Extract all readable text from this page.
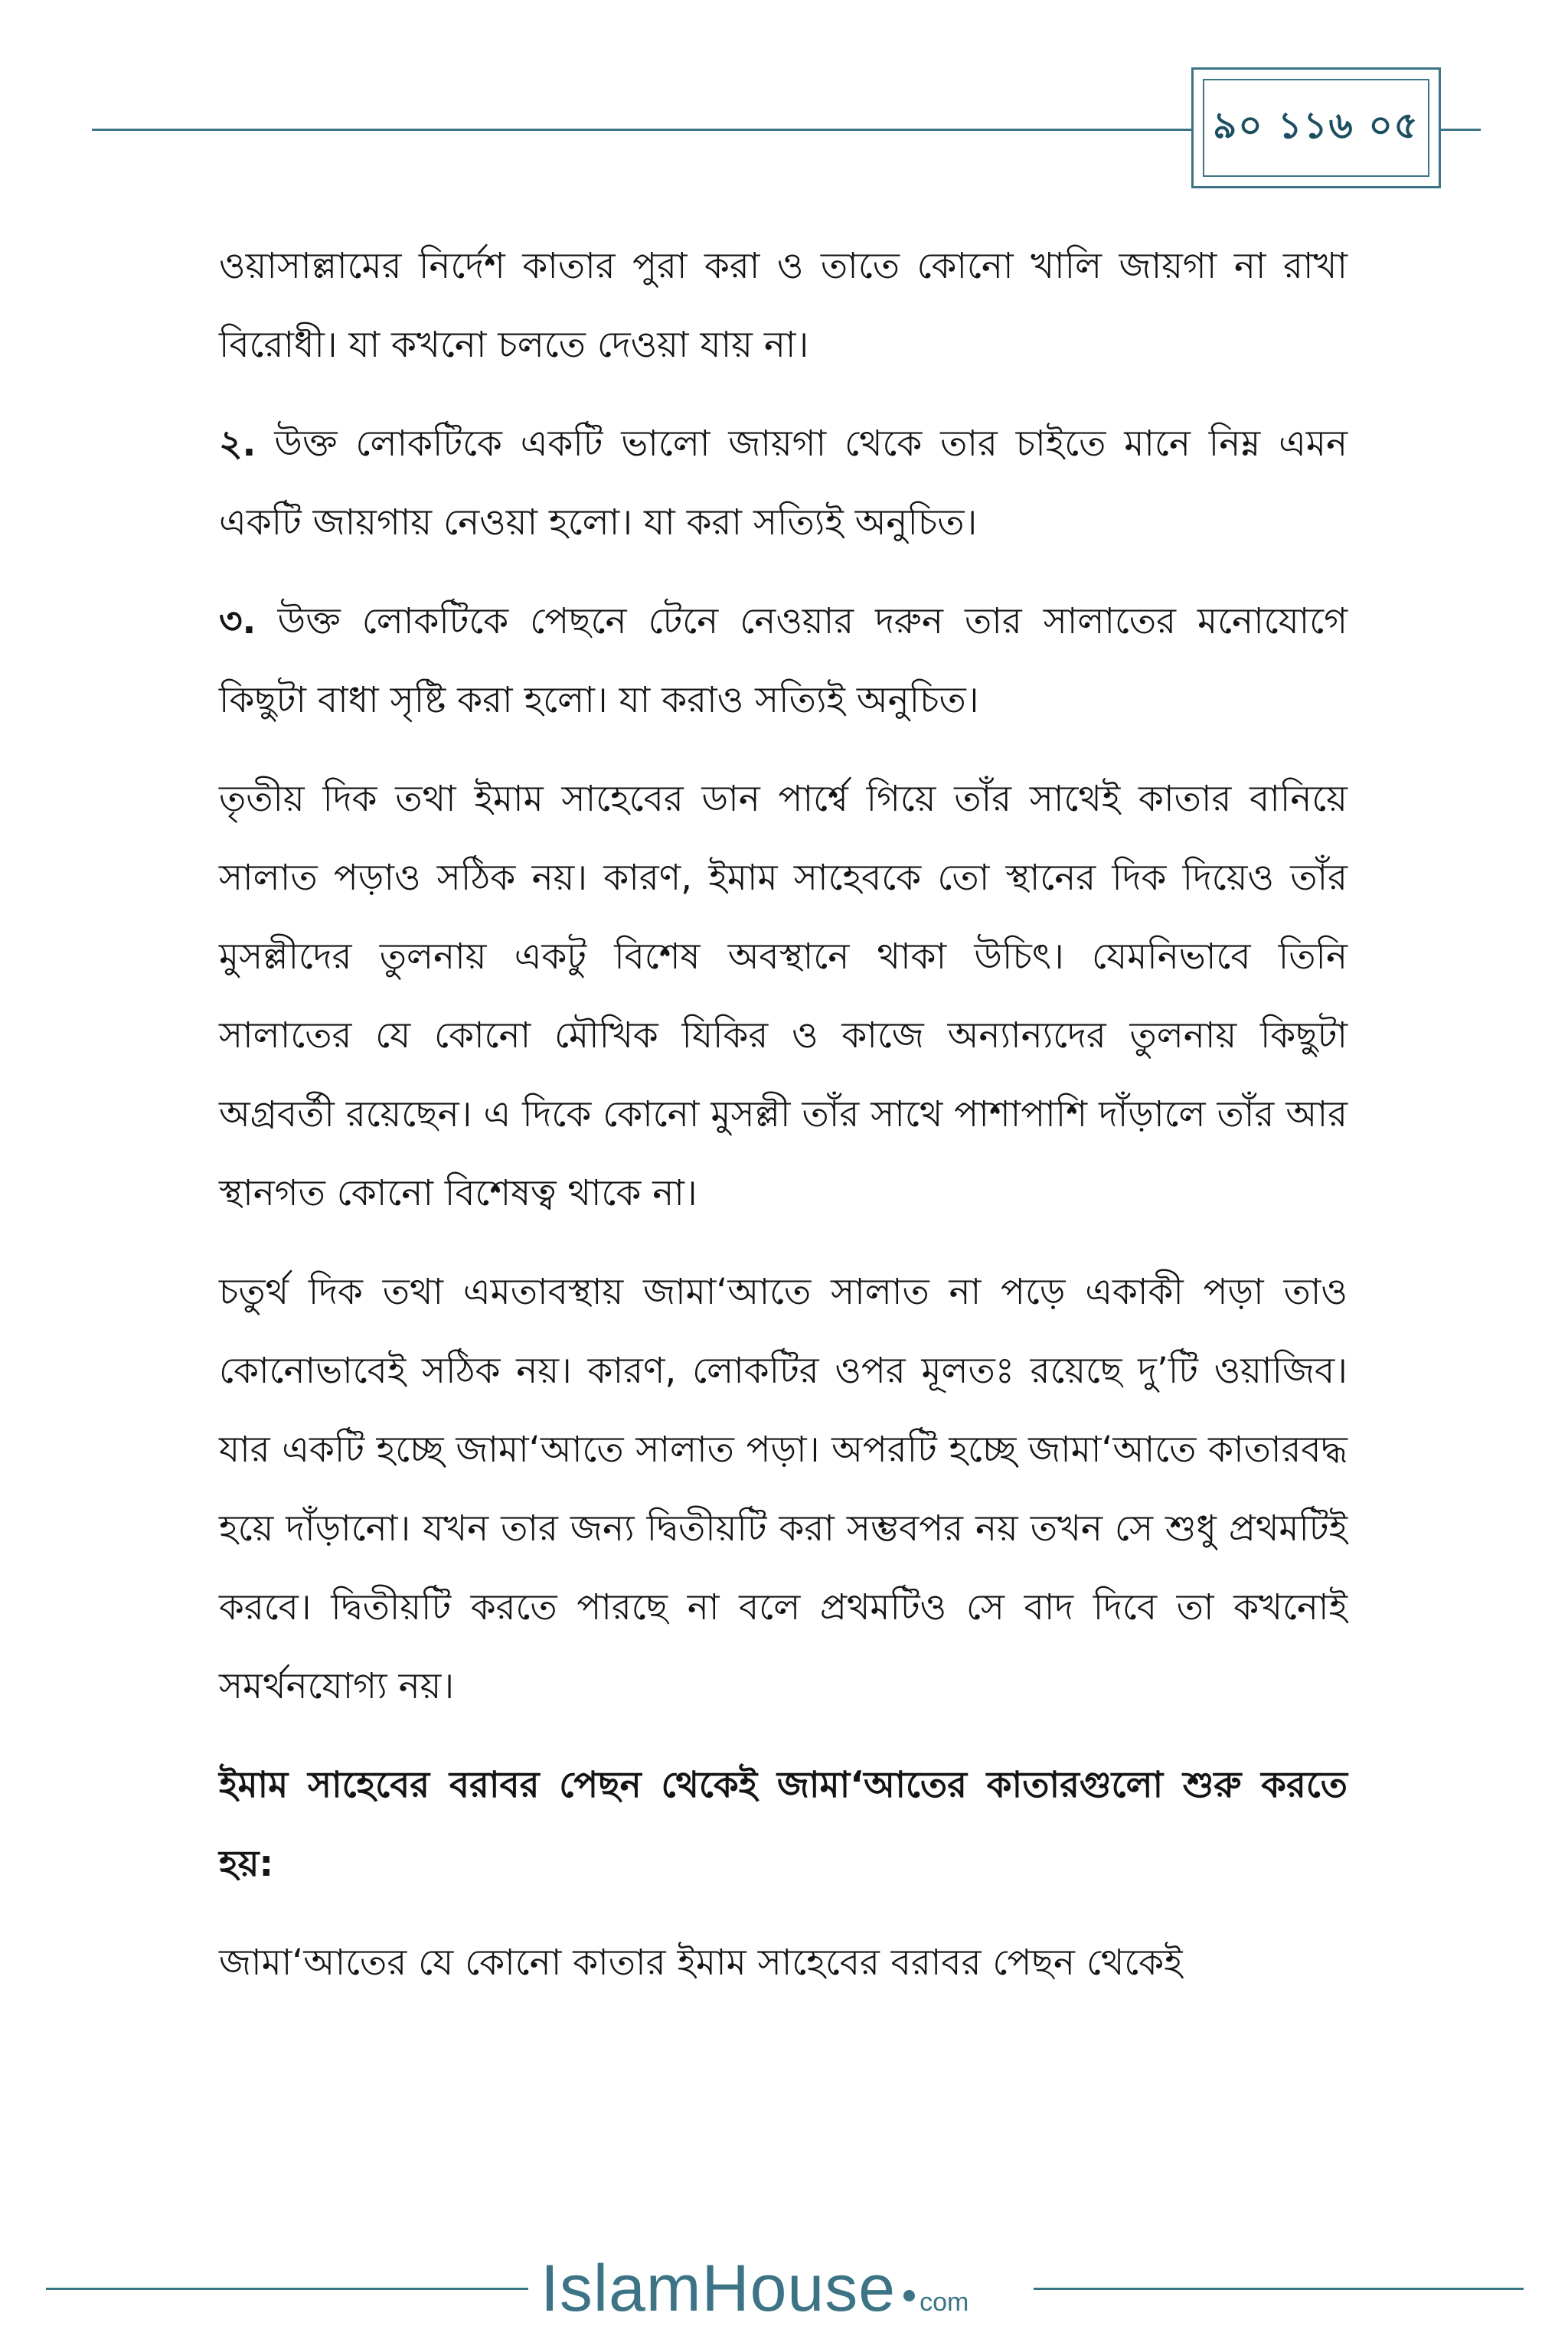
৯০ ১১৬ ০৫

ওয়াসাল্লামের নির্দেশ কাতার পুরা করা ও তাতে কোনো খালি জায়গা না রাখা বিরোধী। যা কখনো চলতে দেওয়া যায় না।

২. উক্ত লোকটিকে একটি ভালো জায়গা থেকে তার চাইতে মানে নিম্ন এমন একটি জায়গায় নেওয়া হলো। যা করা সত্যিই অনুচিত।

৩. উক্ত লোকটিকে পেছনে টেনে নেওয়ার দরুন তার সালাতের মনোযোগে কিছুটা বাধা সৃষ্টি করা হলো। যা করাও সত্যিই অনুচিত।

তৃতীয় দিক তথা ইমাম সাহেবের ডান পার্শ্বে গিয়ে তাঁর সাথেই কাতার বানিয়ে সালাত পড়াও সঠিক নয়। কারণ, ইমাম সাহেবকে তো স্থানের দিক দিয়েও তাঁর মুসল্লীদের তুলনায় একটু বিশেষ অবস্থানে থাকা উচিৎ। যেমনিভাবে তিনি সালাতের যে কোনো মৌখিক যিকির ও কাজে অন্যান্যদের তুলনায় কিছুটা অগ্রবর্তী রয়েছেন। এ দিকে কোনো মুসল্লী তাঁর সাথে পাশাপাশি দাঁড়ালে তাঁর আর স্থানগত কোনো বিশেষত্ব থাকে না।

চতুর্থ দিক তথা এমতাবস্থায় জামা‘আতে সালাত না পড়ে একাকী পড়া তাও কোনোভাবেই সঠিক নয়। কারণ, লোকটির ওপর মূলতঃ রয়েছে দু’টি ওয়াজিব। যার একটি হচ্ছে জামা‘আতে সালাত পড়া। অপরটি হচ্ছে জামা‘আতে কাতারবদ্ধ হয়ে দাঁড়ানো। যখন তার জন্য দ্বিতীয়টি করা সম্ভবপর নয় তখন সে শুধু প্রথমটিই করবে। দ্বিতীয়টি করতে পারছে না বলে প্রথমটিও সে বাদ দিবে তা কখনোই সমর্থনযোগ্য নয়।

ইমাম সাহেবের বরাবর পেছন থেকেই জামা‘আতের কাতারগুলো শুরু করতে হয়:

জামা‘আতের যে কোনো কাতার ইমাম সাহেবের বরাবর পেছন থেকেই

IslamHouse com
